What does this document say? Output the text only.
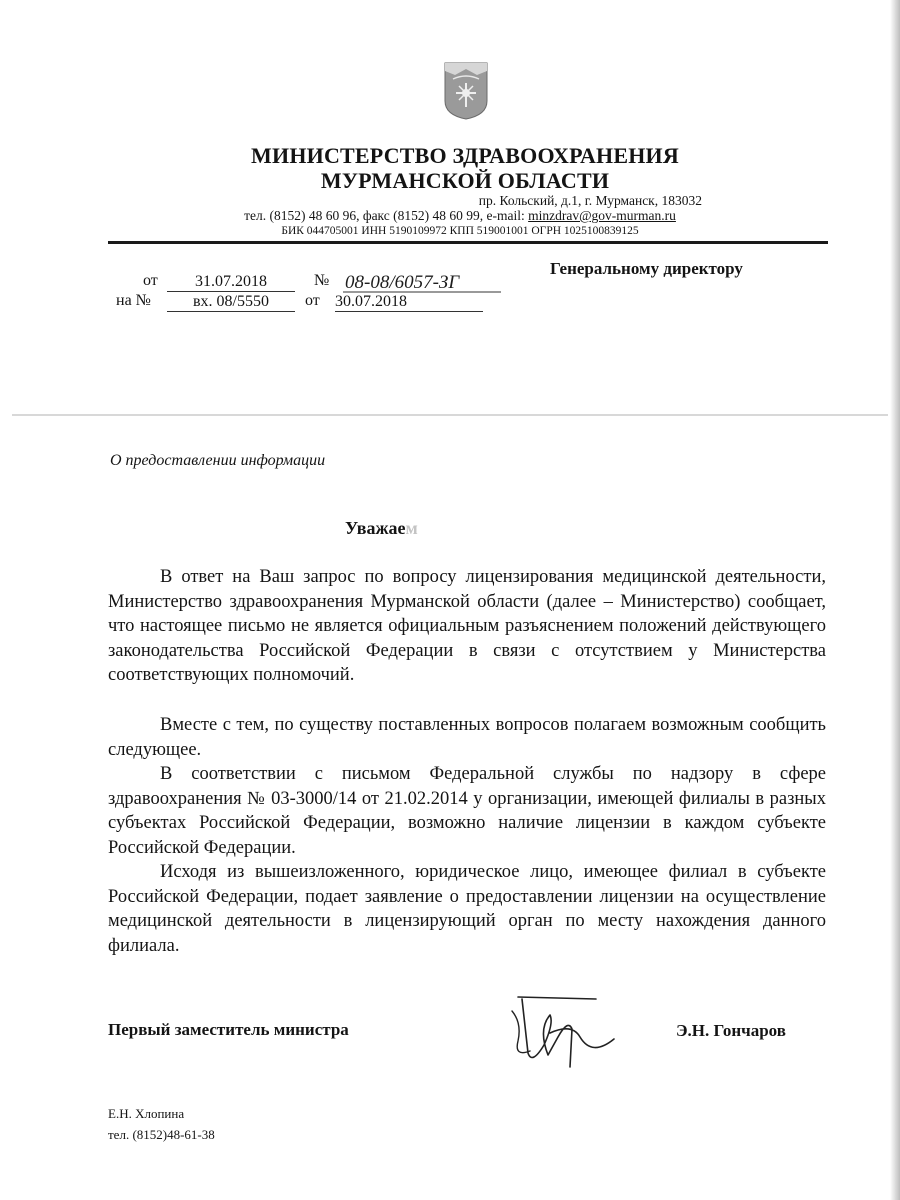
МИНИСТЕРСТВО ЗДРАВООХРАНЕНИЯ
МУРМАНСКОЙ ОБЛАСТИ
пр. Кольский, д.1, г. Мурманск, 183032
тел. (8152) 48 60 96, факс (8152) 48 60 99, e-mail: minzdrav@gov-murman.ru
БИК 044705001 ИНН 5190109972 КПП 519001001 ОГРН 1025100839125
от	31.07.2018	№ 08-08/6057-ЗГ
на №	вх. 08/5550	от 30.07.2018
Генеральному директору
О предоставлении информации
Уважаем

В ответ на Ваш запрос по вопросу лицензирования медицинской деятельности, Министерство здравоохранения Мурманской области (далее – Министерство) сообщает, что настоящее письмо не является официальным разъяснением положений действующего законодательства Российской Федерации в связи с отсутствием у Министерства соответствующих полномочий.

Вместе с тем, по существу поставленных вопросов полагаем возможным сообщить следующее.

В соответствии с письмом Федеральной службы по надзору в сфере здравоохранения № 03-3000/14 от 21.02.2014 у организации, имеющей филиалы в разных субъектах Российской Федерации, возможно наличие лицензии в каждом субъекте Российской Федерации.

Исходя из вышеизложенного, юридическое лицо, имеющее филиал в субъекте Российской Федерации, подает заявление о предоставлении лицензии на осуществление медицинской деятельности в лицензирующий орган по месту нахождения данного филиала.

Первый заместитель министра	Э.Н. Гончаров
Е.Н. Хлопина
тел. (8152)48-61-38
